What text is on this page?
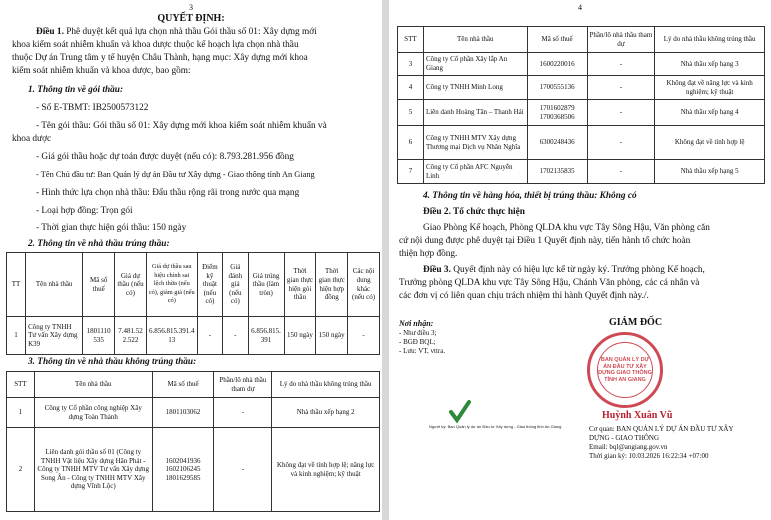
3
QUYẾT ĐỊNH:
Điều 1. Phê duyệt kết quả lựa chọn nhà thầu Gói thầu số 01: Xây dựng mới
khoa kiểm soát nhiễm khuẩn và khoa dược thuộc kế hoạch lựa chọn nhà thầu
thuộc Dự án Trung tâm y tế huyện Châu Thành, hạng mục: Xây dựng mới khoa
kiểm soát nhiễm khuẩn và khoa dược, bao gồm:
1. Thông tin về gói thầu:
- Số E-TBMT: IB2500573122
- Tên gói thầu: Gói thầu số 01: Xây dựng mới khoa kiểm soát nhiễm khuẩn và
khoa dược
- Giá gói thầu hoặc dự toán được duyệt (nếu có): 8.793.281.956 đồng
- Tên Chủ đầu tư: Ban Quản lý dự án Đầu tư Xây dựng - Giao thông tỉnh An Giang
- Hình thức lựa chọn nhà thầu: Đấu thầu rộng rãi trong nước qua mạng
- Loại hợp đồng: Trọn gói
- Thời gian thực hiện gói thầu: 150 ngày
2. Thông tin về nhà thầu trúng thầu:
TT	Tên nhà thầu	Mã số thuế	Giá dự thầu (nếu có)	Giá dự thầu sau hiệu chỉnh sai lệch thừa (nếu có), giảm giá (nếu có)	Điểm kỹ thuật (nếu có)	Giá đánh giá (nếu có)	Giá trúng thầu (làm tròn)	Thời gian thực hiện gói thầu	Thời gian thực hiện hợp đồng	Các nội dung khác (nếu có)
1	Công ty TNHH Tư vấn Xây dựng K39	1801110535	7.481.522.522	6.856.815.391.413	-	-	6.856.815.391	150 ngày	150 ngày	-
3. Thông tin về nhà thầu không trúng thầu:
STT	Tên nhà thầu	Mã số thuế	Phần/lô nhà thầu tham dự	Lý do nhà thầu không trúng thầu
1	Công ty Cổ phần công nghiệp Xây dựng Toàn Thành	1801103062	-	Nhà thầu xếp hạng 2
2	Liên danh gói thầu số 01 (Công ty TNHH Vật liệu Xây dựng Hân Phát - Công ty TNHH MTV Tư vấn Xây dựng Song Ân - Công ty TNHH MTV Xây dựng Vĩnh Lộc)	1602041936 1602106245 1801629585	-	Không đạt về tính hợp lệ; năng lực và kinh nghiệm; kỹ thuật
4
STT	Tên nhà thầu	Mã số thuế	Phần/lô nhà thầu tham dự	Lý do nhà thầu không trúng thầu
3	Công ty Cổ phần Xây lắp An Giang	1600220016	-	Nhà thầu xếp hạng 3
4	Công ty TNHH Minh Long	1700555136	-	Không đạt về năng lực và kinh nghiệm; kỹ thuật
5	Liên danh Hoàng Tân – Thanh Hải	1701602879 1700368506	-	Nhà thầu xếp hạng 4
6	Công ty TNHH MTV Xây dựng Thương mại Dịch vụ Nhân Nghĩa	6300248436	-	Không đạt về tính hợp lệ
7	Công ty Cổ phần AFC Nguyễn Linh	1702135835	-	Nhà thầu xếp hạng 5
4. Thông tin về hàng hóa, thiết bị trúng thầu: Không có
Điều 2. Tổ chức thực hiện
Giao Phòng Kế hoạch, Phòng QLDA khu vực Tây Sông Hậu, Văn phòng căn
cứ nội dung được phê duyệt tại Điều 1 Quyết định này, tiến hành tổ chức hoàn
thiện hợp đồng.
Điều 3. Quyết định này có hiệu lực kể từ ngày ký. Trưởng phòng Kế hoạch,
Trưởng phòng QLDA khu vực Tây Sông Hậu, Chánh Văn phòng, các cá nhân và
các đơn vị có liên quan chịu trách nhiệm thi hành Quyết định này./.
Nơi nhận:
- Như điều 3;
- BGĐ BQL;
- Lưu: VT, vttra.
GIÁM ĐỐC
BAN QUẢN LÝ DỰ ÁN ĐẦU TƯ XÂY DỰNG GIAO THÔNG TỈNH AN GIANG
Người ký: Ban Quản lý dự án Đầu tư Xây dựng - Giao thông tỉnh An Giang
Huỳnh Xuân Vũ
Cơ quan: BAN QUẢN LÝ DỰ ÁN ĐẦU TƯ XÂY
DỰNG - GIAO THÔNG
Email: bql@angiang.gov.vn
Thời gian ký: 10.03.2026 16:22:34 +07:00
